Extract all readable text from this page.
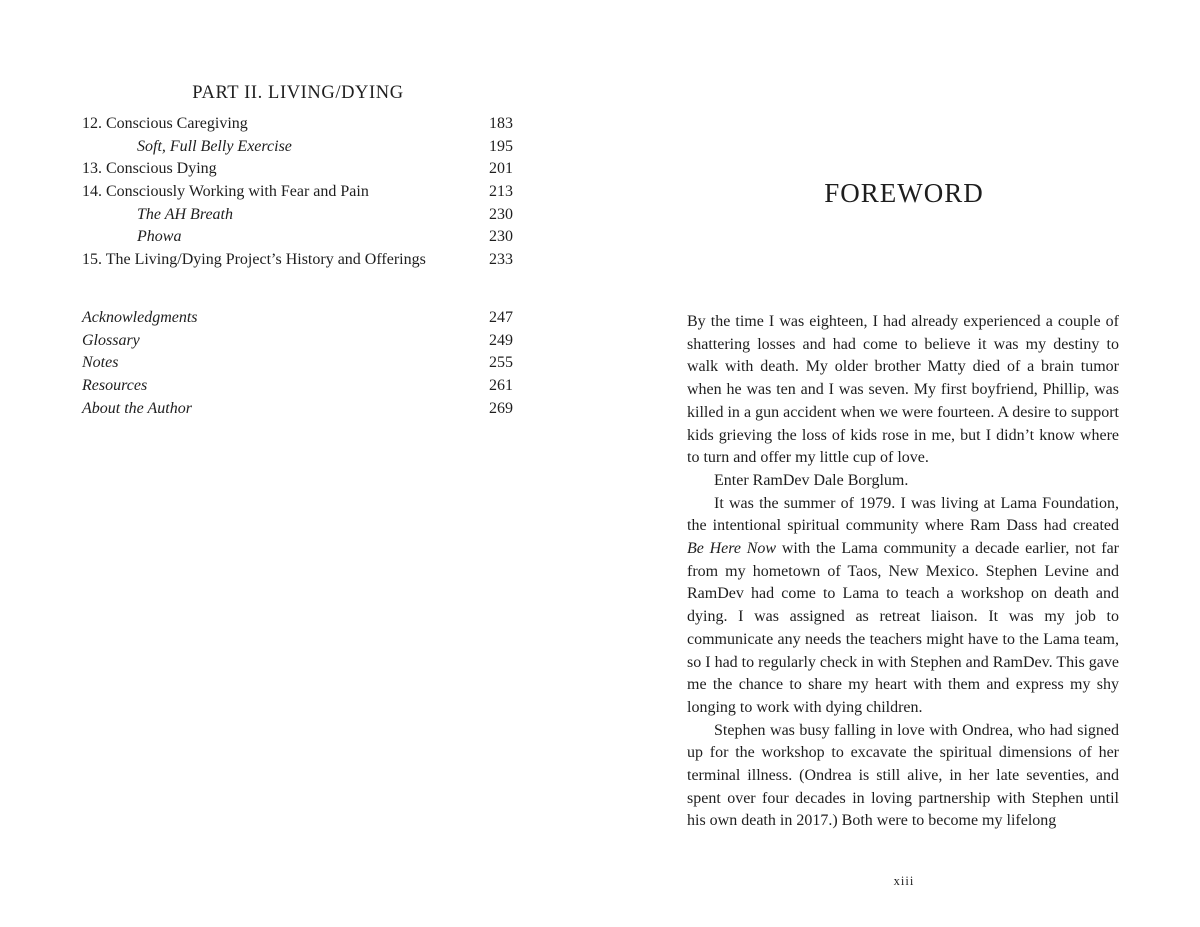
PART II. LIVING/DYING
12. Conscious Caregiving	183
Soft, Full Belly Exercise	195
13. Conscious Dying	201
14. Consciously Working with Fear and Pain	213
The AH Breath	230
Phowa	230
15. The Living/Dying Project’s History and Offerings	233
Acknowledgments	247
Glossary	249
Notes	255
Resources	261
About the Author	269
FOREWORD

By the time I was eighteen, I had already experienced a couple of shattering losses and had come to believe it was my destiny to walk with death. My older brother Matty died of a brain tumor when he was ten and I was seven. My first boyfriend, Phillip, was killed in a gun accident when we were fourteen. A desire to support kids grieving the loss of kids rose in me, but I didn’t know where to turn and offer my little cup of love.

Enter RamDev Dale Borglum.

It was the summer of 1979. I was living at Lama Foundation, the intentional spiritual community where Ram Dass had created Be Here Now with the Lama community a decade earlier, not far from my hometown of Taos, New Mexico. Stephen Levine and RamDev had come to Lama to teach a workshop on death and dying. I was assigned as retreat liaison. It was my job to communicate any needs the teachers might have to the Lama team, so I had to regularly check in with Stephen and RamDev. This gave me the chance to share my heart with them and express my shy longing to work with dying children.

Stephen was busy falling in love with Ondrea, who had signed up for the workshop to excavate the spiritual dimensions of her terminal illness. (Ondrea is still alive, in her late seventies, and spent over four decades in loving partnership with Stephen until his own death in 2017.) Both were to become my lifelong

xiii
